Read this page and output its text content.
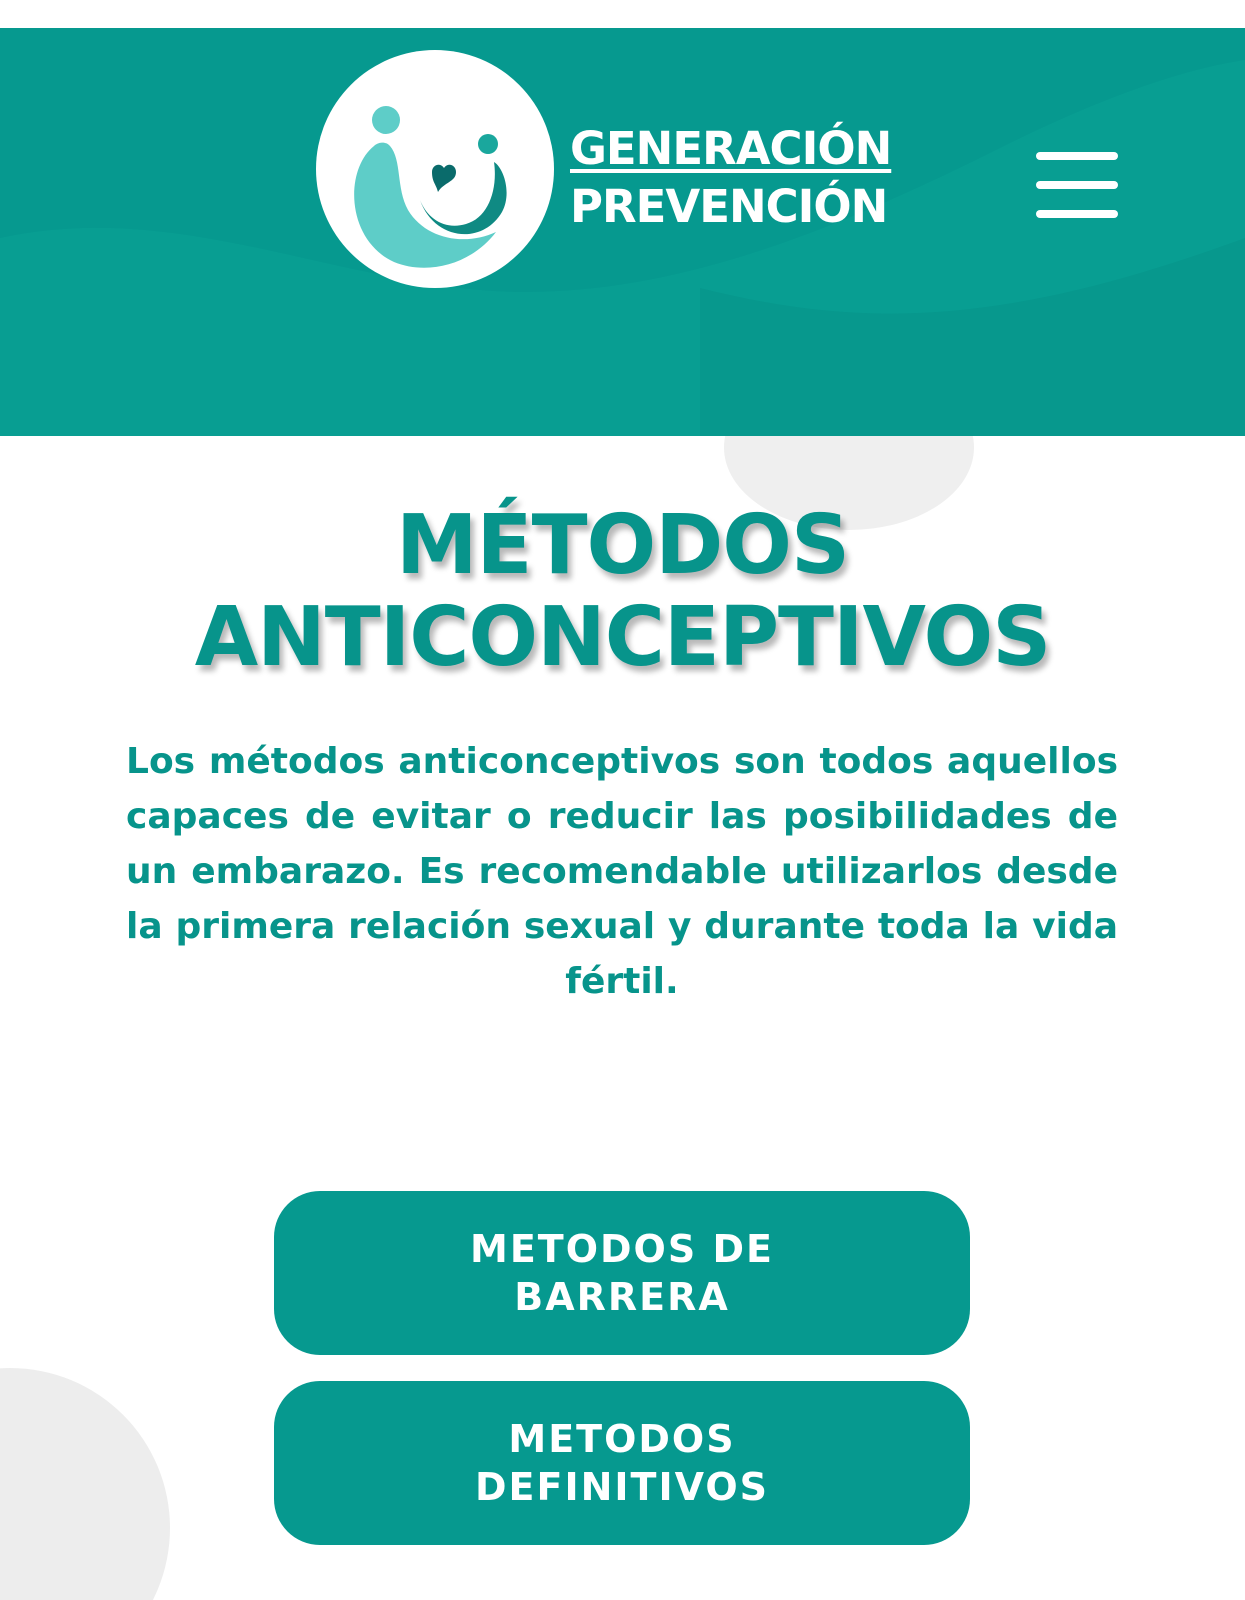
GENERACIÓN
PREVENCIÓN
MÉTODOS
ANTICONCEPTIVOS

Los métodos anticonceptivos son todos aquellos capaces de evitar o reducir las posibilidades de un embarazo. Es recomendable utilizarlos desde la primera relación sexual y durante toda la vida fértil.

METODOS DE BARRERA
METODOS DEFINITIVOS
